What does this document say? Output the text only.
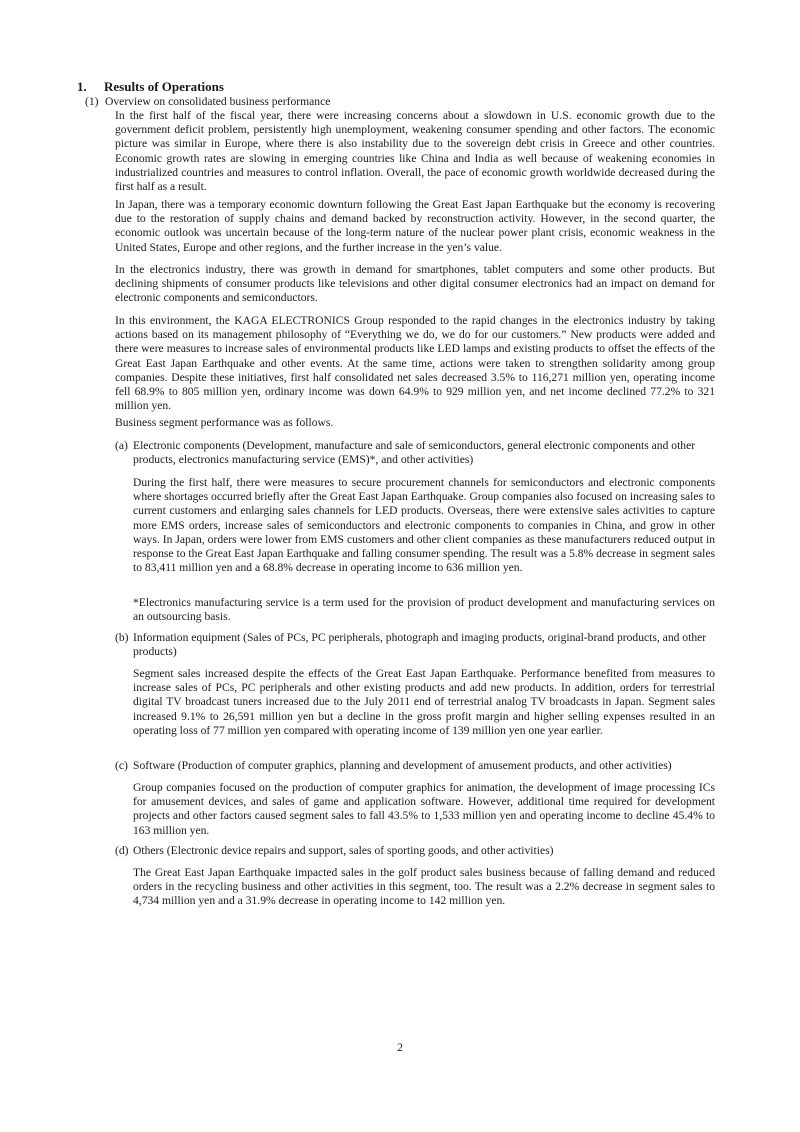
1. Results of Operations
(1) Overview on consolidated business performance

In the first half of the fiscal year, there were increasing concerns about a slowdown in U.S. economic growth due to the government deficit problem, persistently high unemployment, weakening consumer spending and other factors. The economic picture was similar in Europe, where there is also instability due to the sovereign debt crisis in Greece and other countries. Economic growth rates are slowing in emerging countries like China and India as well because of weakening economies in industrialized countries and measures to control inflation. Overall, the pace of economic growth worldwide decreased during the first half as a result.

In Japan, there was a temporary economic downturn following the Great East Japan Earthquake but the economy is recovering due to the restoration of supply chains and demand backed by reconstruction activity. However, in the second quarter, the economic outlook was uncertain because of the long-term nature of the nuclear power plant crisis, economic weakness in the United States, Europe and other regions, and the further increase in the yen’s value.

In the electronics industry, there was growth in demand for smartphones, tablet computers and some other products. But declining shipments of consumer products like televisions and other digital consumer electronics had an impact on demand for electronic components and semiconductors.

In this environment, the KAGA ELECTRONICS Group responded to the rapid changes in the electronics industry by taking actions based on its management philosophy of “Everything we do, we do for our customers.” New products were added and there were measures to increase sales of environmental products like LED lamps and existing products to offset the effects of the Great East Japan Earthquake and other events. At the same time, actions were taken to strengthen solidarity among group companies. Despite these initiatives, first half consolidated net sales decreased 3.5% to 116,271 million yen, operating income fell 68.9% to 805 million yen, ordinary income was down 64.9% to 929 million yen, and net income declined 77.2% to 321 million yen.

Business segment performance was as follows.

(a) Electronic components (Development, manufacture and sale of semiconductors, general electronic components and other products, electronics manufacturing service (EMS)*, and other activities)

During the first half, there were measures to secure procurement channels for semiconductors and electronic components where shortages occurred briefly after the Great East Japan Earthquake. Group companies also focused on increasing sales to current customers and enlarging sales channels for LED products. Overseas, there were extensive sales activities to capture more EMS orders, increase sales of semiconductors and electronic components to companies in China, and grow in other ways. In Japan, orders were lower from EMS customers and other client companies as these manufacturers reduced output in response to the Great East Japan Earthquake and falling consumer spending. The result was a 5.8% decrease in segment sales to 83,411 million yen and a 68.8% decrease in operating income to 636 million yen.

*Electronics manufacturing service is a term used for the provision of product development and manufacturing services on an outsourcing basis.

(b) Information equipment (Sales of PCs, PC peripherals, photograph and imaging products, original-brand products, and other products)

Segment sales increased despite the effects of the Great East Japan Earthquake. Performance benefited from measures to increase sales of PCs, PC peripherals and other existing products and add new products. In addition, orders for terrestrial digital TV broadcast tuners increased due to the July 2011 end of terrestrial analog TV broadcasts in Japan. Segment sales increased 9.1% to 26,591 million yen but a decline in the gross profit margin and higher selling expenses resulted in an operating loss of 77 million yen compared with operating income of 139 million yen one year earlier.

(c) Software (Production of computer graphics, planning and development of amusement products, and other activities)

Group companies focused on the production of computer graphics for animation, the development of image processing ICs for amusement devices, and sales of game and application software. However, additional time required for development projects and other factors caused segment sales to fall 43.5% to 1,533 million yen and operating income to decline 45.4% to 163 million yen.

(d) Others (Electronic device repairs and support, sales of sporting goods, and other activities)

The Great East Japan Earthquake impacted sales in the golf product sales business because of falling demand and reduced orders in the recycling business and other activities in this segment, too. The result was a 2.2% decrease in segment sales to 4,734 million yen and a 31.9% decrease in operating income to 142 million yen.

2
